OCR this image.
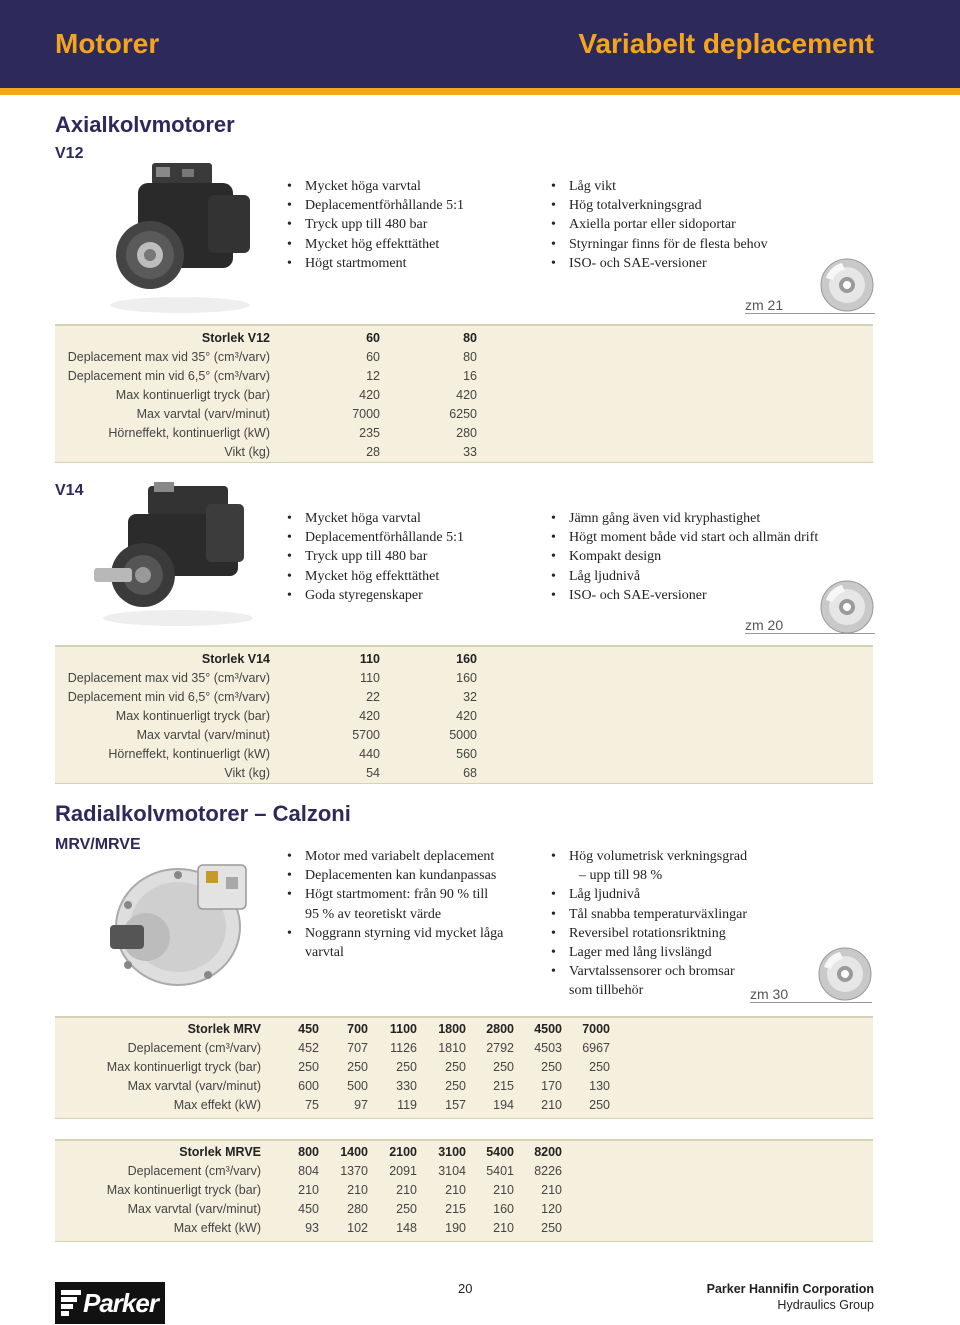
Motorer	Variabelt deplacement
Axialkolvmotorer
V12
• Mycket höga varvtal
• Deplacementförhållande 5:1
• Tryck upp till 480 bar
• Mycket hög effekttäthet
• Högt startmoment
• Låg vikt
• Hög totalverkningsgrad
• Axiella portar eller sidoportar
• Styrningar finns för de flesta behov
• ISO- och SAE-versioner
zm 21
Storlek V12	60	80
Deplacement max vid 35° (cm³/varv)	60	80
Deplacement min vid 6,5° (cm³/varv)	12	16
Max kontinuerligt tryck (bar)	420	420
Max varvtal (varv/minut)	7000	6250
Hörneffekt, kontinuerligt (kW)	235	280
Vikt (kg)	28	33
V14
• Mycket höga varvtal
• Deplacementförhållande 5:1
• Tryck upp till 480 bar
• Mycket hög effekttäthet
• Goda styregenskaper
• Jämn gång även vid kryphastighet
• Högt moment både vid start och allmän drift
• Kompakt design
• Låg ljudnivå
• ISO- och SAE-versioner
zm 20
Storlek V14	110	160
Deplacement max vid 35° (cm³/varv)	110	160
Deplacement min vid 6,5° (cm³/varv)	22	32
Max kontinuerligt tryck (bar)	420	420
Max varvtal (varv/minut)	5700	5000
Hörneffekt, kontinuerligt (kW)	440	560
Vikt (kg)	54	68
Radialkolvmotorer – Calzoni
MRV/MRVE
• Motor med variabelt deplacement
• Deplacementen kan kundanpassas
• Högt startmoment: från 90 % till
95 % av teoretiskt värde
• Noggrann styrning vid mycket låga
varvtal
• Hög volumetrisk verkningsgrad
– upp till 98 %
• Låg ljudnivå
• Tål snabba temperaturväxlingar
• Reversibel rotationsriktning
• Lager med lång livslängd
• Varvtalssensorer och bromsar
som tillbehör	zm 30
Storlek MRV	450	700	1100	1800	2800	4500	7000
Deplacement (cm³/varv)	452	707	1126	1810	2792	4503	6967
Max kontinuerligt tryck (bar)	250	250	250	250	250	250	250
Max varvtal (varv/minut)	600	500	330	250	215	170	130
Max effekt (kW)	75	97	119	157	194	210	250
Storlek MRVE	800	1400	2100	3100	5400	8200
Deplacement (cm³/varv)	804	1370	2091	3104	5401	8226
Max kontinuerligt tryck (bar)	210	210	210	210	210	210
Max varvtal (varv/minut)	450	280	250	215	160	120
Max effekt (kW)	93	102	148	190	210	250
Parker	20	Parker Hannifin Corporation
Hydraulics Group
